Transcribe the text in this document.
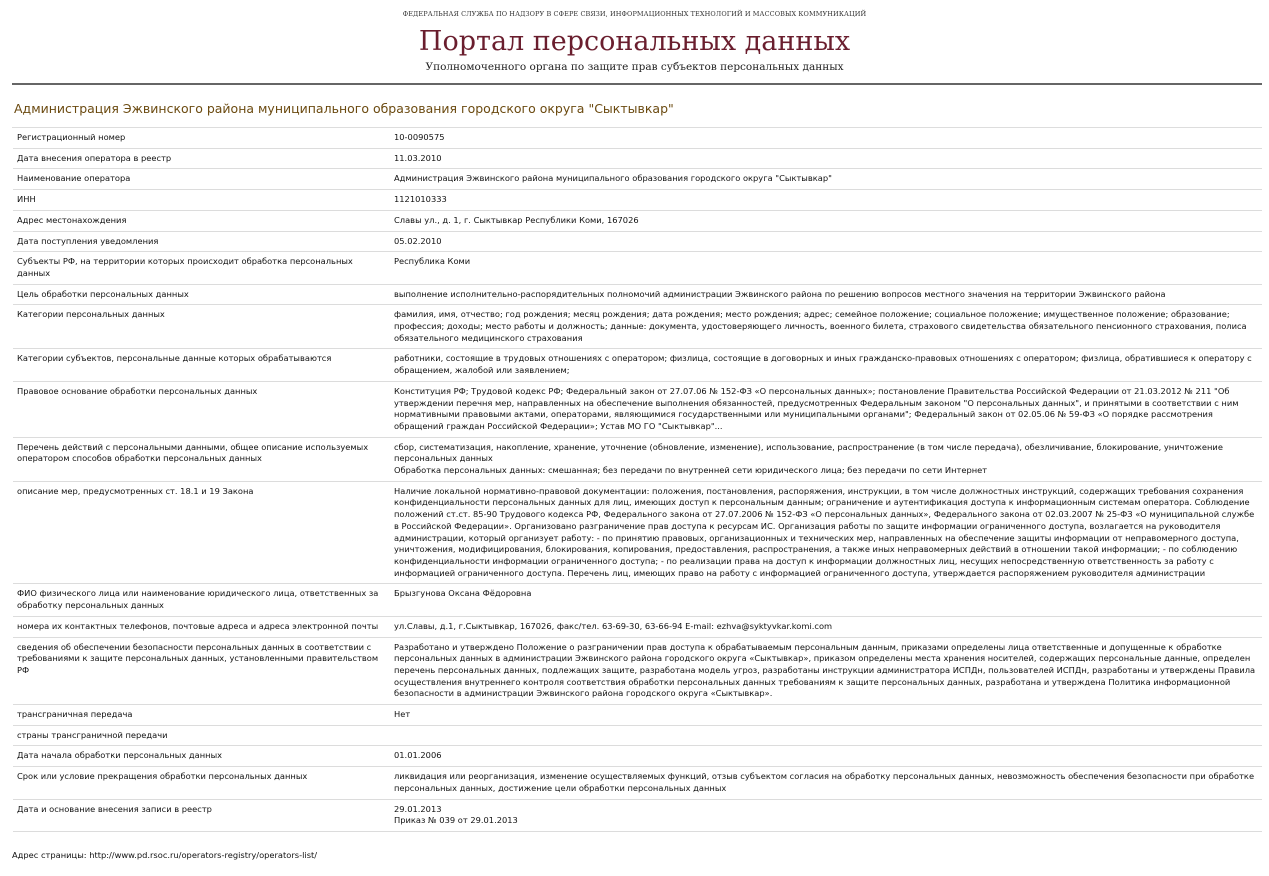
ФЕДЕРАЛЬНАЯ СЛУЖБА ПО НАДЗОРУ В СФЕРЕ СВЯЗИ, ИНФОРМАЦИОННЫХ ТЕХНОЛОГИЙ И МАССОВЫХ КОММУНИКАЦИЙ
Портал персональных данных
Уполномоченного органа по защите прав субъектов персональных данных
Администрация Эжвинского района муниципального образования городского округа "Сыктывкар"
Регистрационный номер	10-0090575
Дата внесения оператора в реестр	11.03.2010
Наименование оператора	Администрация Эжвинского района муниципального образования городского округа "Сыктывкар"
ИНН	1121010333
Адрес местонахождения	Славы ул., д. 1, г. Сыктывкар Республики Коми, 167026
Дата поступления уведомления	05.02.2010
Субъекты РФ, на территории которых происходит обработка персональных данных	Республика Коми
Цель обработки персональных данных	выполнение исполнительно-распорядительных полномочий администрации Эжвинского района по решению вопросов местного значения на территории Эжвинского района
Категории персональных данных	фамилия, имя, отчество; год рождения; месяц рождения; дата рождения; место рождения; адрес; семейное положение; социальное положение; имущественное положение; образование; профессия; доходы; место работы и должность; данные: документа, удостоверяющего личность, военного билета, страхового свидетельства обязательного пенсионного страхования, полиса обязательного медицинского страхования
Категории субъектов, персональные данные которых обрабатываются	работники, состоящие в трудовых отношениях с оператором; физлица, состоящие в договорных и иных гражданско-правовых отношениях с оператором; физлица, обратившиеся к оператору с обращением, жалобой или заявлением;
Правовое основание обработки персональных данных	Конституция РФ; Трудовой кодекс РФ; Федеральный закон от 27.07.06 № 152-ФЗ «О персональных данных»; постановление Правительства Российской Федерации от 21.03.2012 № 211 "Об утверждении перечня мер, направленных на обеспечение выполнения обязанностей, предусмотренных Федеральным законом "О персональных данных", и принятыми в соответствии с ним нормативными правовыми актами, операторами, являющимися государственными или муниципальными органами"; Федеральный закон от 02.05.06 № 59-ФЗ «О порядке рассмотрения обращений граждан Российской Федерации»; Устав МО ГО "Сыктывкар"...
Перечень действий с персональными данными, общее описание используемых оператором способов обработки персональных данных	сбор, систематизация, накопление, хранение, уточнение (обновление, изменение), использование, распространение (в том числе передача), обезличивание, блокирование, уничтожение персональных данных
Обработка персональных данных: смешанная; без передачи по внутренней сети юридического лица; без передачи по сети Интернет

описание мер, предусмотренных ст. 18.1 и 19 Закона	Наличие локальной нормативно-правовой документации: положения, постановления, распоряжения, инструкции, в том числе должностных инструкций, содержащих требования сохранения конфиденциальности персональных данных для лиц, имеющих доступ к персональным данным; ограничение и аутентификация доступа к информационным системам оператора. Соблюдение положений ст.ст. 85-90 Трудового кодекса РФ, Федерального закона от 27.07.2006 № 152-ФЗ «О персональных данных», Федерального закона от 02.03.2007 № 25-ФЗ «О муниципальной службе в Российской Федерации». Организовано разграничение прав доступа к ресурсам ИС. Организация работы по защите информации ограниченного доступа, возлагается на руководителя администрации, который организует работу: - по принятию правовых, организационных и технических мер, направленных на обеспечение защиты информации от неправомерного доступа, уничтожения, модифицирования, блокирования, копирования, предоставления, распространения, а также иных неправомерных действий в отношении такой информации; - по соблюдению конфиденциальности информации ограниченного доступа; - по реализации права на доступ к информации должностных лиц, несущих непосредственную ответственность за работу с информацией ограниченного доступа. Перечень лиц, имеющих право на работу с информацией ограниченного доступа, утверждается распоряжением руководителя администрации
ФИО физического лица или наименование юридического лица, ответственных за обработку персональных данных	Брызгунова Оксана Фёдоровна
номера их контактных телефонов, почтовые адреса и адреса электронной почты	ул.Славы, д.1, г.Сыктывкар, 167026, факс/тел. 63-69-30, 63-66-94 E-mail: ezhva@syktyvkar.komi.com
сведения об обеспечении безопасности персональных данных в соответствии с требованиями к защите персональных данных, установленными правительством РФ	Разработано и утверждено Положение о разграничении прав доступа к обрабатываемым персональным данным, приказами определены лица ответственные и допущенные к обработке персональных данных в администрации Эжвинского района городского округа «Сыктывкар», приказом определены места хранения носителей, содержащих персональные данные, определен перечень персональных данных, подлежащих защите, разработана модель угроз, разработаны инструкции администратора ИСПДн, пользователей ИСПДн, разработаны и утверждены Правила осуществления внутреннего контроля соответствия обработки персональных данных требованиям к защите персональных данных, разработана и утверждена Политика информационной безопасности в администрации Эжвинского района городского округа «Сыктывкар».
трансграничная передача	Нет
страны трансграничной передачи	
Дата начала обработки персональных данных	01.01.2006
Срок или условие прекращения обработки персональных данных	ликвидация или реорганизация, изменение осуществляемых функций, отзыв субъектом согласия на обработку персональных данных, невозможность обеспечения безопасности при обработке персональных данных, достижение цели обработки персональных данных
Дата и основание внесения записи в реестр	29.01.2013
Приказ № 039 от 29.01.2013
Адрес страницы: http://www.pd.rsoc.ru/operators-registry/operators-list/
